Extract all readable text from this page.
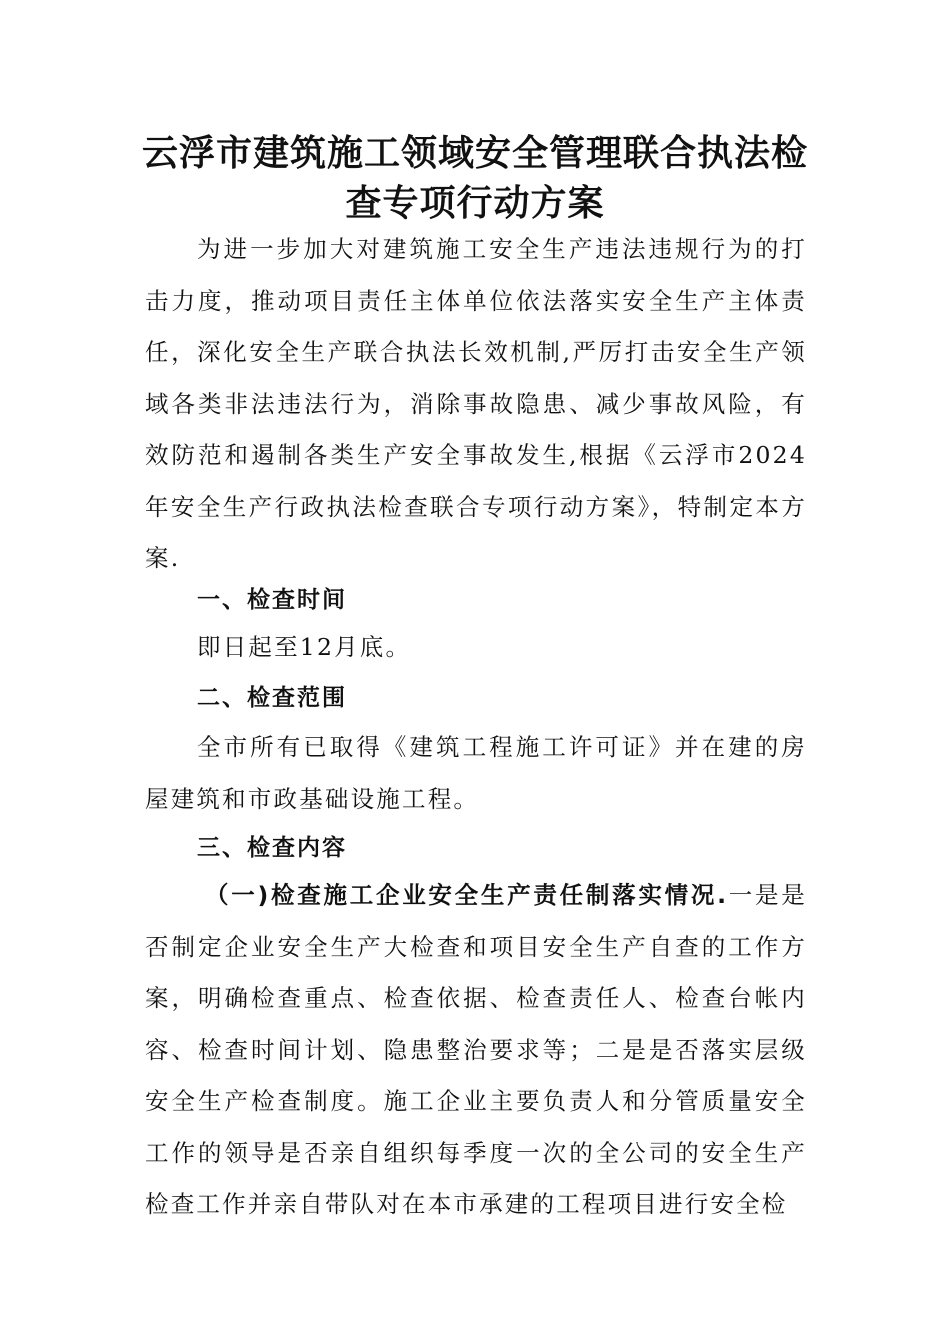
云浮市建筑施工领域安全管理联合执法检
查专项行动方案
为进一步加大对建筑施工安全生产违法违规行为的打击力度，推动项目责任主体单位依法落实安全生产主体责任，深化安全生产联合执法长效机制,严厉打击安全生产领域各类非法违法行为，消除事故隐患、减少事故风险，有效防范和遏制各类生产安全事故发生,根据《云浮市2024年安全生产行政执法检查联合专项行动方案》，特制定本方案.
一、检查时间
即日起至12月底。
二、检查范围
全市所有已取得《建筑工程施工许可证》并在建的房屋建筑和市政基础设施工程。
三、检查内容
（一)检查施工企业安全生产责任制落实情况.一是是否制定企业安全生产大检查和项目安全生产自查的工作方案，明确检查重点、检查依据、检查责任人、检查台帐内容、检查时间计划、隐患整治要求等；二是是否落实层级安全生产检查制度。施工企业主要负责人和分管质量安全工作的领导是否亲自组织每季度一次的全公司的安全生产检查工作并亲自带队对在本市承建的工程项目进行安全检
